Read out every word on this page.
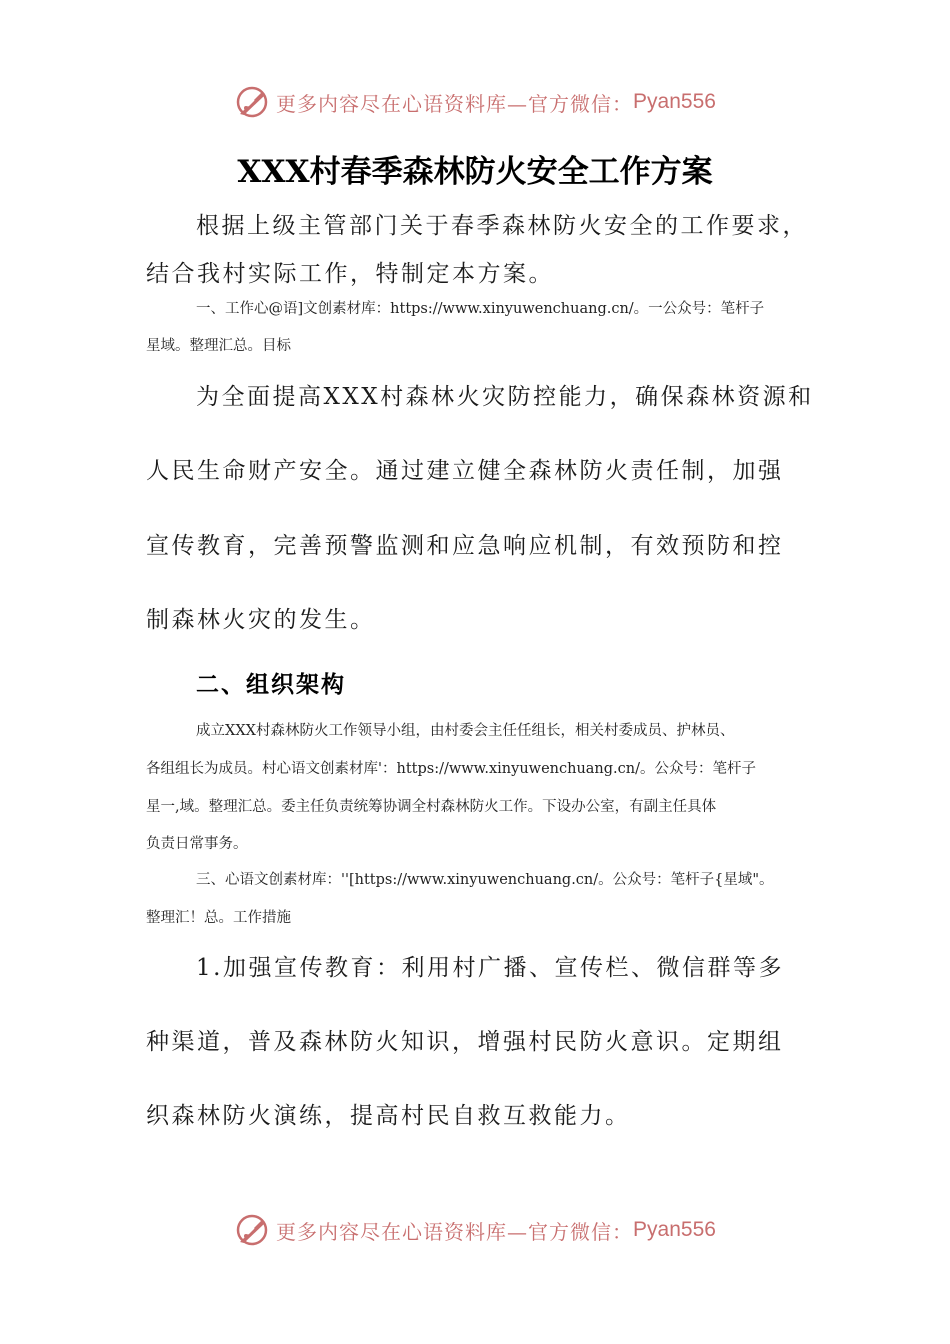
更多内容尽在心语资料库—官方微信： Pyan556
XXX村春季森林防火安全工作方案
根据上级主管部门关于春季森林防火安全的工作要求，
结合我村实际工作，特制定本方案。
一、工作心@语]文创素材库：https://www.xinyuwenchuang.cn/。一公众号：笔杆子
星域。整理汇总。目标
为全面提高XXX村森林火灾防控能力，确保森林资源和
人民生命财产安全。通过建立健全森林防火责任制，加强
宣传教育，完善预警监测和应急响应机制，有效预防和控
制森林火灾的发生。
二、组织架构
成立XXX村森林防火工作领导小组，由村委会主任任组长，相关村委成员、护林员、
各组组长为成员。村心语文创素材库'：https://www.xinyuwenchuang.cn/。公众号：笔杆子
星一,域。整理汇总。委主任负责统筹协调全村森林防火工作。下设办公室，有副主任具体
负责日常事务。
三、心语文创素材库：''[https://www.xinyuwenchuang.cn/。公众号：笔杆子{星域"。
整理汇！总。工作措施
1.加强宣传教育：利用村广播、宣传栏、微信群等多
种渠道，普及森林防火知识，增强村民防火意识。定期组
织森林防火演练，提高村民自救互救能力。
更多内容尽在心语资料库—官方微信： Pyan556
